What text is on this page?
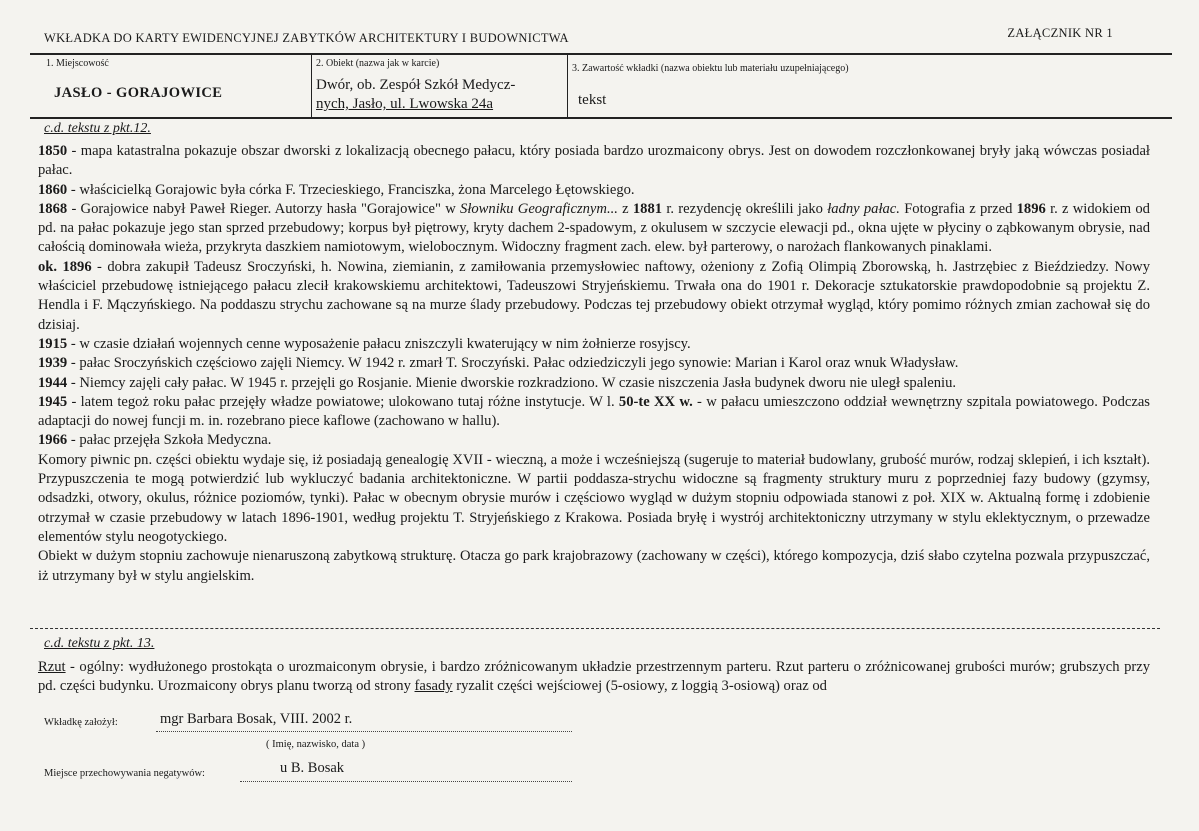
WKŁADKA DO KARTY EWIDENCYJNEJ ZABYTKÓW ARCHITEKTURY I BUDOWNICTWA	ZAŁĄCZNIK NR 1
1. Miejscowość
JASŁO - GORAJOWICE
2. Obiekt (nazwa jak w karcie)
Dwór, ob. Zespół Szkół Medycz-
nych, Jasło, ul. Lwowska 24a
3. Zawartość wkładki (nazwa obiektu lub materiału uzupełniającego)
tekst
c.d. tekstu z pkt.12.

1850 - mapa katastralna pokazuje obszar dworski z lokalizacją obecnego pałacu, który posiada bardzo urozmaicony obrys. Jest on dowodem rozczłonkowanej bryły jaką wówczas posiadał pałac.

1860 - właścicielką Gorajowic była córka F. Trzecieskiego, Franciszka, żona Marcelego Łętowskiego.

1868 - Gorajowice nabył Paweł Rieger. Autorzy hasła "Gorajowice" w Słowniku Geograficznym... z 1881 r. rezydencję określili jako ładny pałac. Fotografia z przed 1896 r. z widokiem od pd. na pałac pokazuje jego stan sprzed przebudowy; korpus był piętrowy, kryty dachem 2-spadowym, z okulusem w szczycie elewacji pd., okna ujęte w płyciny o ząbkowanym obrysie, nad całością dominowała wieża, przykryta daszkiem namiotowym, wielobocznym. Widoczny fragment zach. elew. był parterowy, o narożach flankowanych pinaklami.

ok. 1896 - dobra zakupił Tadeusz Sroczyński, h. Nowina, ziemianin, z zamiłowania przemysłowiec naftowy, ożeniony z Zofią Olimpią Zborowską, h. Jastrzębiec z Bieździedzy. Nowy właściciel przebudowę istniejącego pałacu zlecił krakowskiemu architektowi, Tadeuszowi Stryjeńskiemu. Trwała ona do 1901 r. Dekoracje sztukatorskie prawdopodobnie są projektu Z. Hendla i F. Mączyńskiego. Na poddaszu strychu zachowane są na murze ślady przebudowy. Podczas tej przebudowy obiekt otrzymał wygląd, który pomimo różnych zmian zachował się do dzisiaj.

1915 - w czasie działań wojennych cenne wyposażenie pałacu zniszczyli kwaterujący w nim żołnierze rosyjscy.

1939 - pałac Sroczyńskich częściowo zajęli Niemcy. W 1942 r. zmarł T. Sroczyński. Pałac odziedziczyli jego synowie: Marian i Karol oraz wnuk Władysław.

1944 - Niemcy zajęli cały pałac. W 1945 r. przejęli go Rosjanie. Mienie dworskie rozkradziono. W czasie niszczenia Jasła budynek dworu nie uległ spaleniu.

1945 - latem tegoż roku pałac przejęły władze powiatowe; ulokowano tutaj różne instytucje. W l. 50-te XX w. - w pałacu umieszczono oddział wewnętrzny szpitala powiatowego. Podczas adaptacji do nowej funcji m. in. rozebrano piece kaflowe (zachowano w hallu).

1966 - pałac przejęła Szkoła Medyczna.

Komory piwnic pn. części obiektu wydaje się, iż posiadają genealogię XVII - wieczną, a może i wcześniejszą (sugeruje to materiał budowlany, grubość murów, rodzaj sklepień, i ich kształt). Przypuszczenia te mogą potwierdzić lub wykluczyć badania architektoniczne. W partii poddasza-strychu widoczne są fragmenty struktury muru z poprzedniej fazy budowy (gzymsy, odsadzki, otwory, okulus, różnice poziomów, tynki). Pałac w obecnym obrysie murów i częściowo wygląd w dużym stopniu odpowiada stanowi z poł. XIX w. Aktualną formę i zdobienie otrzymał w czasie przebudowy w latach 1896-1901, według projektu T. Stryjeńskiego z Krakowa. Posiada bryłę i wystrój architektoniczny utrzymany w stylu eklektycznym, o przewadze elementów stylu neogotyckiego.

Obiekt w dużym stopniu zachowuje nienaruszoną zabytkową strukturę. Otacza go park krajobrazowy (zachowany w części), którego kompozycja, dziś słabo czytelna pozwala przypuszczać, iż utrzymany był w stylu angielskim.

c.d. tekstu z pkt. 13.

Rzut - ogólny: wydłużonego prostokąta o urozmaiconym obrysie, i bardzo zróżnicowanym układzie przestrzennym parteru. Rzut parteru o zróżnicowanej grubości murów; grubszych przy pd. części budynku. Urozmaicony obrys planu tworzą od strony fasady ryzalit części wejściowej (5-osiowy, z loggią 3-osiową) oraz od

Wkładkę założył:	mgr Barbara Bosak, VIII. 2002 r.
( Imię, nazwisko, data )
Miejsce przechowywania negatywów:	u B. Bosak
